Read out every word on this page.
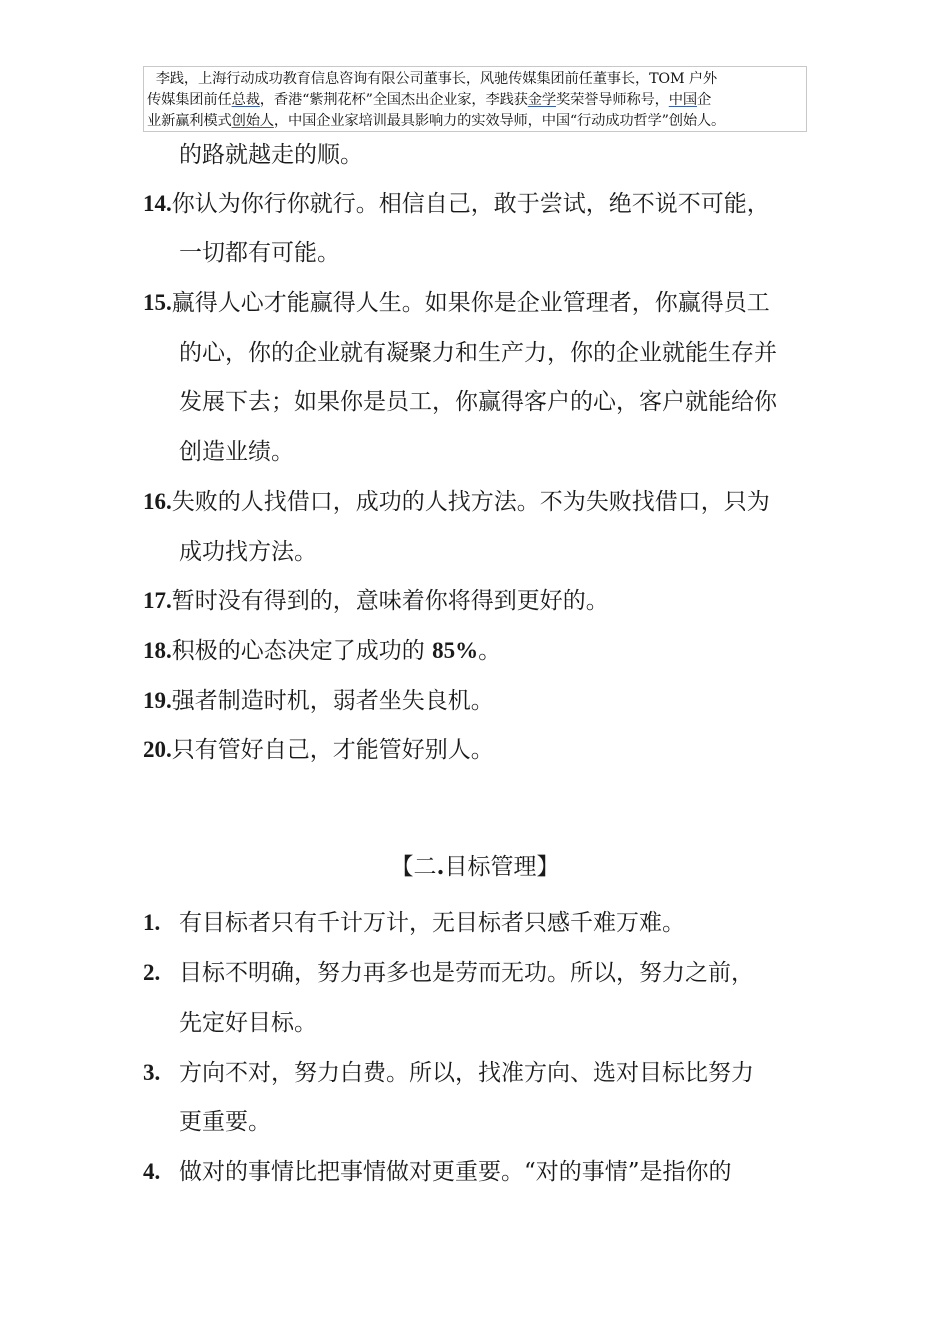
李践，上海行动成功教育信息咨询有限公司董事长，风驰传媒集团前任董事长，TOM 户外
传媒集团前任总裁，香港“紫荆花杯”全国杰出企业家，李践获金学奖荣誉导师称号，中国企
业新赢利模式创始人，中国企业家培训最具影响力的实效导师，中国“行动成功哲学”创始人。
的路就越走的顺。
14.你认为你行你就行。相信自己，敢于尝试，绝不说不可能，
一切都有可能。
15.赢得人心才能赢得人生。如果你是企业管理者，你赢得员工
的心，你的企业就有凝聚力和生产力，你的企业就能生存并
发展下去；如果你是员工，你赢得客户的心，客户就能给你
创造业绩。
16.失败的人找借口，成功的人找方法。不为失败找借口，只为
成功找方法。
17.暂时没有得到的，意味着你将得到更好的。
18.积极的心态决定了成功的 85%。
19.强者制造时机，弱者坐失良机。
20.只有管好自己，才能管好别人。
【二.目标管理】
1. 有目标者只有千计万计，无目标者只感千难万难。
2. 目标不明确，努力再多也是劳而无功。所以，努力之前，
先定好目标。
3. 方向不对，努力白费。所以，找准方向、选对目标比努力
更重要。
4. 做对的事情比把事情做对更重要。“对的事情”是指你的
